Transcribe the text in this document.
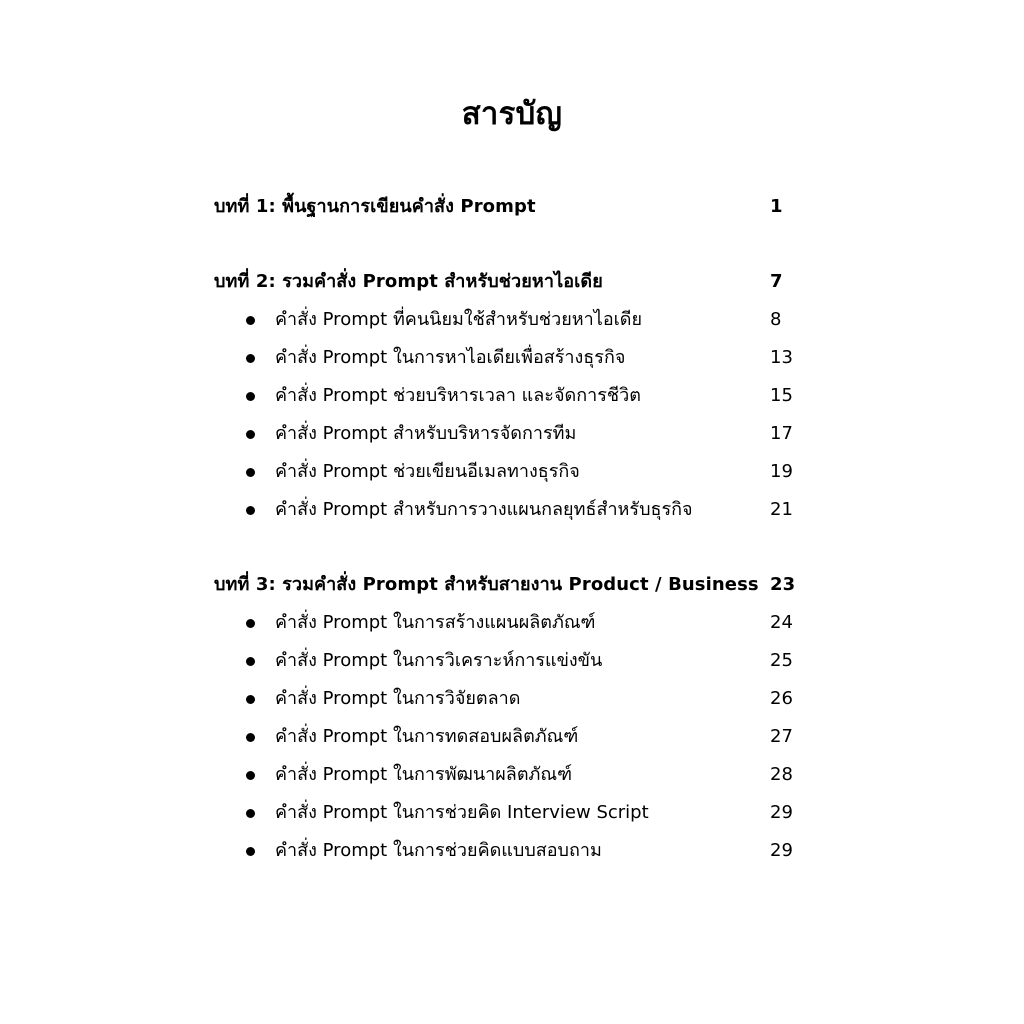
สารบัญ
บทที่ 1: พื้นฐานการเขียนคำสั่ง Prompt	1
บทที่ 2: รวมคำสั่ง Prompt สำหรับช่วยหาไอเดีย	7
คำสั่ง Prompt ที่คนนิยมใช้สำหรับช่วยหาไอเดีย	8
คำสั่ง Prompt ในการหาไอเดียเพื่อสร้างธุรกิจ	13
คำสั่ง Prompt ช่วยบริหารเวลา และจัดการชีวิต	15
คำสั่ง Prompt สำหรับบริหารจัดการทีม	17
คำสั่ง Prompt ช่วยเขียนอีเมลทางธุรกิจ	19
คำสั่ง Prompt สำหรับการวางแผนกลยุทธ์สำหรับธุรกิจ	21
บทที่ 3: รวมคำสั่ง Prompt สำหรับสายงาน Product / Business 23
คำสั่ง Prompt ในการสร้างแผนผลิตภัณฑ์	24
คำสั่ง Prompt ในการวิเคราะห์การแข่งขัน	25
คำสั่ง Prompt ในการวิจัยตลาด	26
คำสั่ง Prompt ในการทดสอบผลิตภัณฑ์	27
คำสั่ง Prompt ในการพัฒนาผลิตภัณฑ์	28
คำสั่ง Prompt ในการช่วยคิด Interview Script	29
คำสั่ง Prompt ในการช่วยคิดแบบสอบถาม	29
